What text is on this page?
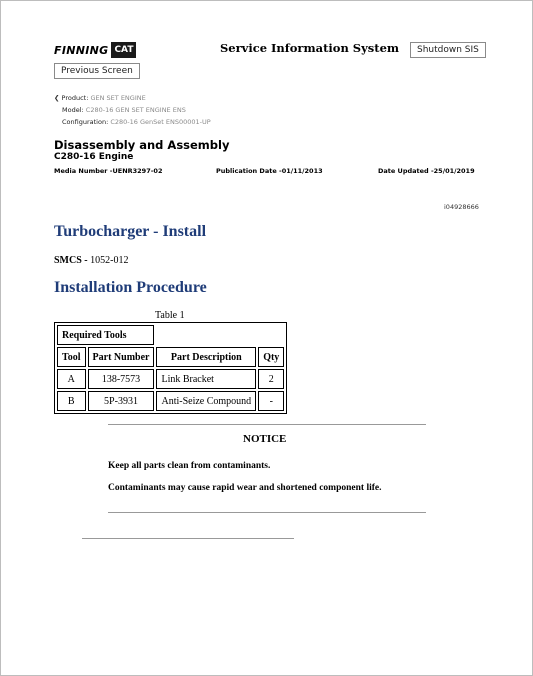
FINNING CAT	Service Information System	Shutdown SIS
Previous Screen
❮ Product: GEN SET ENGINE
Model: C280-16 GEN SET ENGINE ENS
Configuration: C280-16 GenSet ENS00001-UP
Disassembly and Assembly
C280-16 Engine
Media Number -UENR3297-02	Publication Date -01/11/2013	Date Updated -25/01/2019
i04928666
Turbocharger - Install
SMCS - 1052-012
Installation Procedure
Table 1
Required Tools			
Tool	Part Number	Part Description	Qty
A	138-7573	Link Bracket	2
B	5P-3931	Anti-Seize Compound	-
NOTICE
Keep all parts clean from contaminants.
Contaminants may cause rapid wear and shortened component life.
